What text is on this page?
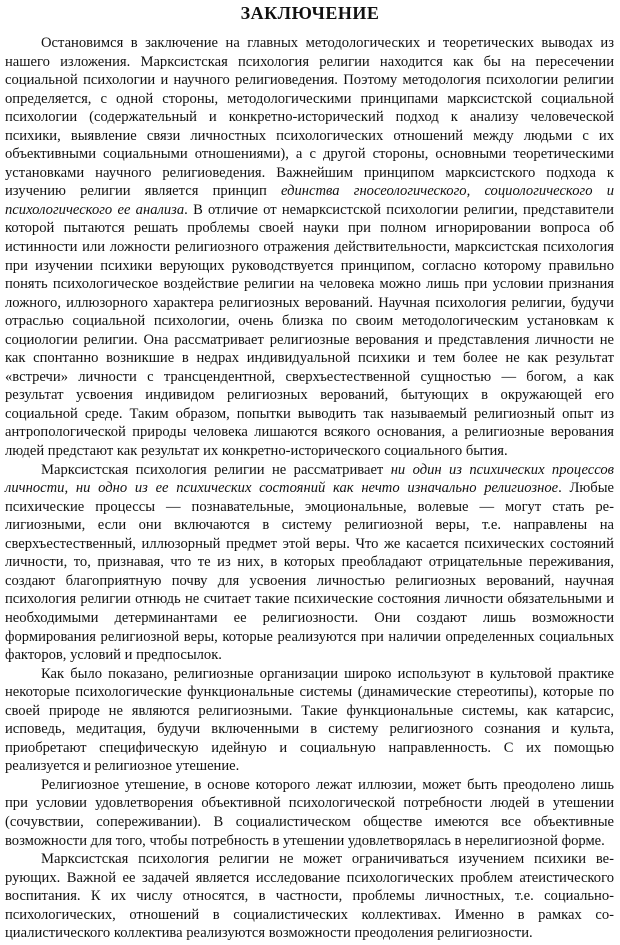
ЗАКЛЮЧЕНИЕ

Остановимся в заключение на главных методологических и теоретических выводах из нашего изложения. Марксистская психология религии находится как бы на пересечении социальной психологии и научного религиоведения. Поэтому методология психологии религии определяется, с одной стороны, методологическими принципами марксистской социальной психологии (содержательный и конкретно-исторический подход к анализу человеческой психики, выявление связи личностных психологических отношений между людьми с их объективными социальными отношениями), а с другой стороны, основными теоретическими установками научного религиоведения. Важнейшим принципом марксистского подхода к изучению религии является принцип единства гносеологического, социологического и психологического ее анализа. В отличие от немарксистской психологии религии, представители которой пытаются решать проблемы своей науки при полном игнорировании вопроса об истинности или ложности религиозного отражения действительности, марксистская психология при изучении психики верующих руководствуется принципом, согласно которому правильно понять психологическое воздействие религии на человека можно лишь при условии признания ложного, иллюзорного характера религиозных верований. Научная психология религии, будучи отраслью социальной психологии, очень близка по своим методологическим установкам к социологии религии. Она рассматривает религиозные верования и представления личности не как спонтанно возникшие в недрах индивидуальной психики и тем более не как результат «встречи» личности с трансцендентной, сверхъестественной сущностью — богом, а как результат усвоения индивидом религиозных верований, бытующих в окружающей его социальной среде. Таким образом, попытки выводить так называемый религиозный опыт из антропологической природы человека лишаются всякого основания, а религиозные верования людей предстают как результат их конкретно-исторического социального бытия.

Марксистская психология религии не рассматривает ни один из психических процессов личности, ни одно из ее психических состояний как нечто изначально религиозное. Любые психические процессы — познавательные, эмоциональные, волевые — могут стать религиозными, если они включаются в систему религиозной веры, т.е. направлены на сверхъестественный, иллюзорный предмет этой веры. Что же касается психических состояний личности, то, признавая, что те из них, в которых преобладают отрицательные переживания, создают благоприятную почву для усвоения личностью религиозных верований, научная психология религии отнюдь не считает такие психические состояния личности обязательными и необходимыми детерминантами ее религиозности. Они создают лишь возможности формирования религиозной веры, которые реализуются при наличии определенных социальных факторов, условий и предпосылок.

Как было показано, религиозные организации широко используют в культовой практике некоторые психологические функциональные системы (динамические стереотипы), которые по своей природе не являются религиозными. Такие функциональные системы, как катарсис, исповедь, медитация, будучи включенными в систему религиозного сознания и культа, приобретают специфическую идейную и социальную направленность. С их помощью реализуется и религиозное утешение.

Религиозное утешение, в основе которого лежат иллюзии, может быть преодолено лишь при условии удовлетворения объективной психологической потребности людей в утешении (сочувствии, сопереживании). В социалистическом обществе имеются все объективные возможности для того, чтобы потребность в утешении удовлетворялась в нерелигиозной форме.

Марксистская психология религии не может ограничиваться изучением психики верующих. Важной ее задачей является исследование психологических проблем атеистического воспитания. К их числу относятся, в частности, проблемы личностных, т.е. социально-психологических, отношений в социалистических коллективах. Именно в рамках социалистического коллектива реализуются возможности преодоления религиозности.
